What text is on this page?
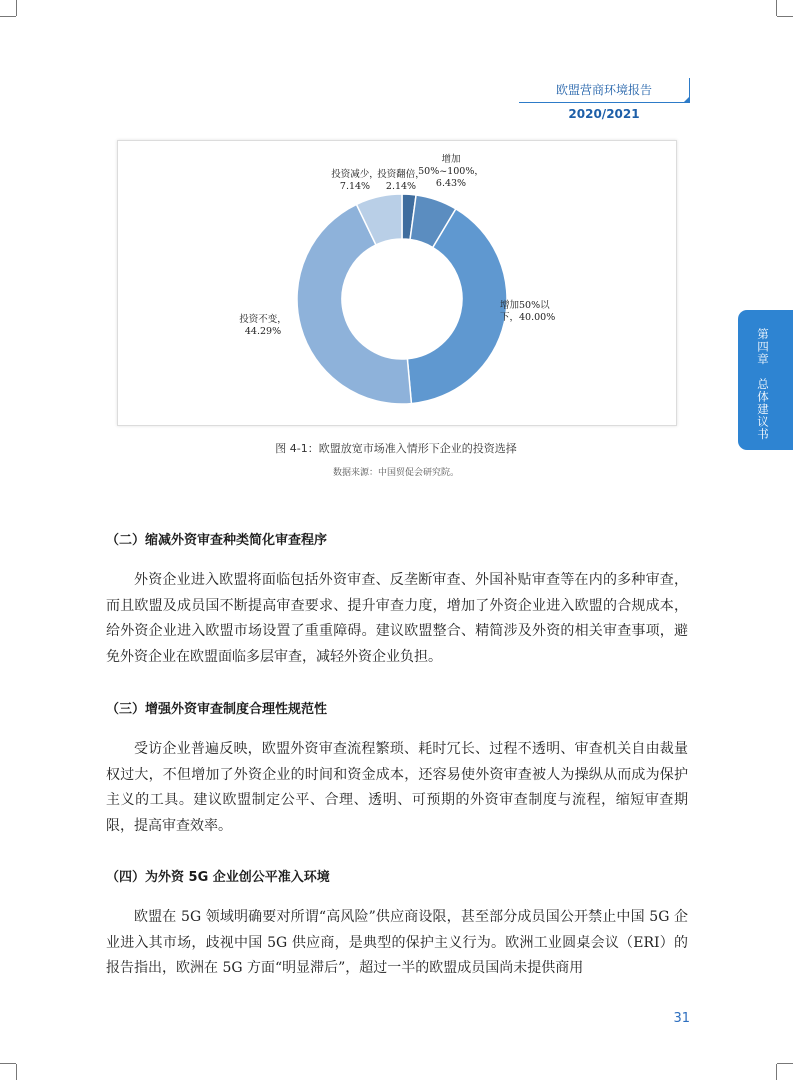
欧盟营商环境报告 2020/2021
第四章　总体建议书
投资翻倍， 2.14%
增加 50%~100%， 6.43%
增加50%以下，40.00%
投资不变， 44.29%
投资减少， 7.14%
图 4-1：欧盟放宽市场准入情形下企业的投资选择
数据来源：中国贸促会研究院。
（二）缩减外资审查种类简化审查程序
外资企业进入欧盟将面临包括外资审查、反垄断审查、外国补贴审查等在内的多种审查，而且欧盟及成员国不断提高审查要求、提升审查力度，增加了外资企业进入欧盟的合规成本，给外资企业进入欧盟市场设置了重重障碍。建议欧盟整合、精简涉及外资的相关审查事项，避免外资企业在欧盟面临多层审查，减轻外资企业负担。
（三）增强外资审查制度合理性规范性
受访企业普遍反映，欧盟外资审查流程繁琐、耗时冗长、过程不透明、审查机关自由裁量权过大，不但增加了外资企业的时间和资金成本，还容易使外资审查被人为操纵从而成为保护主义的工具。建议欧盟制定公平、合理、透明、可预期的外资审查制度与流程，缩短审查期限，提高审查效率。
（四）为外资 5G 企业创公平准入环境
欧盟在 5G 领域明确要对所谓“高风险”供应商设限，甚至部分成员国公开禁止中国 5G 企业进入其市场，歧视中国 5G 供应商，是典型的保护主义行为。欧洲工业圆桌会议（ERI）的报告指出，欧洲在 5G 方面“明显滞后”，超过一半的欧盟成员国尚未提供商用
31
